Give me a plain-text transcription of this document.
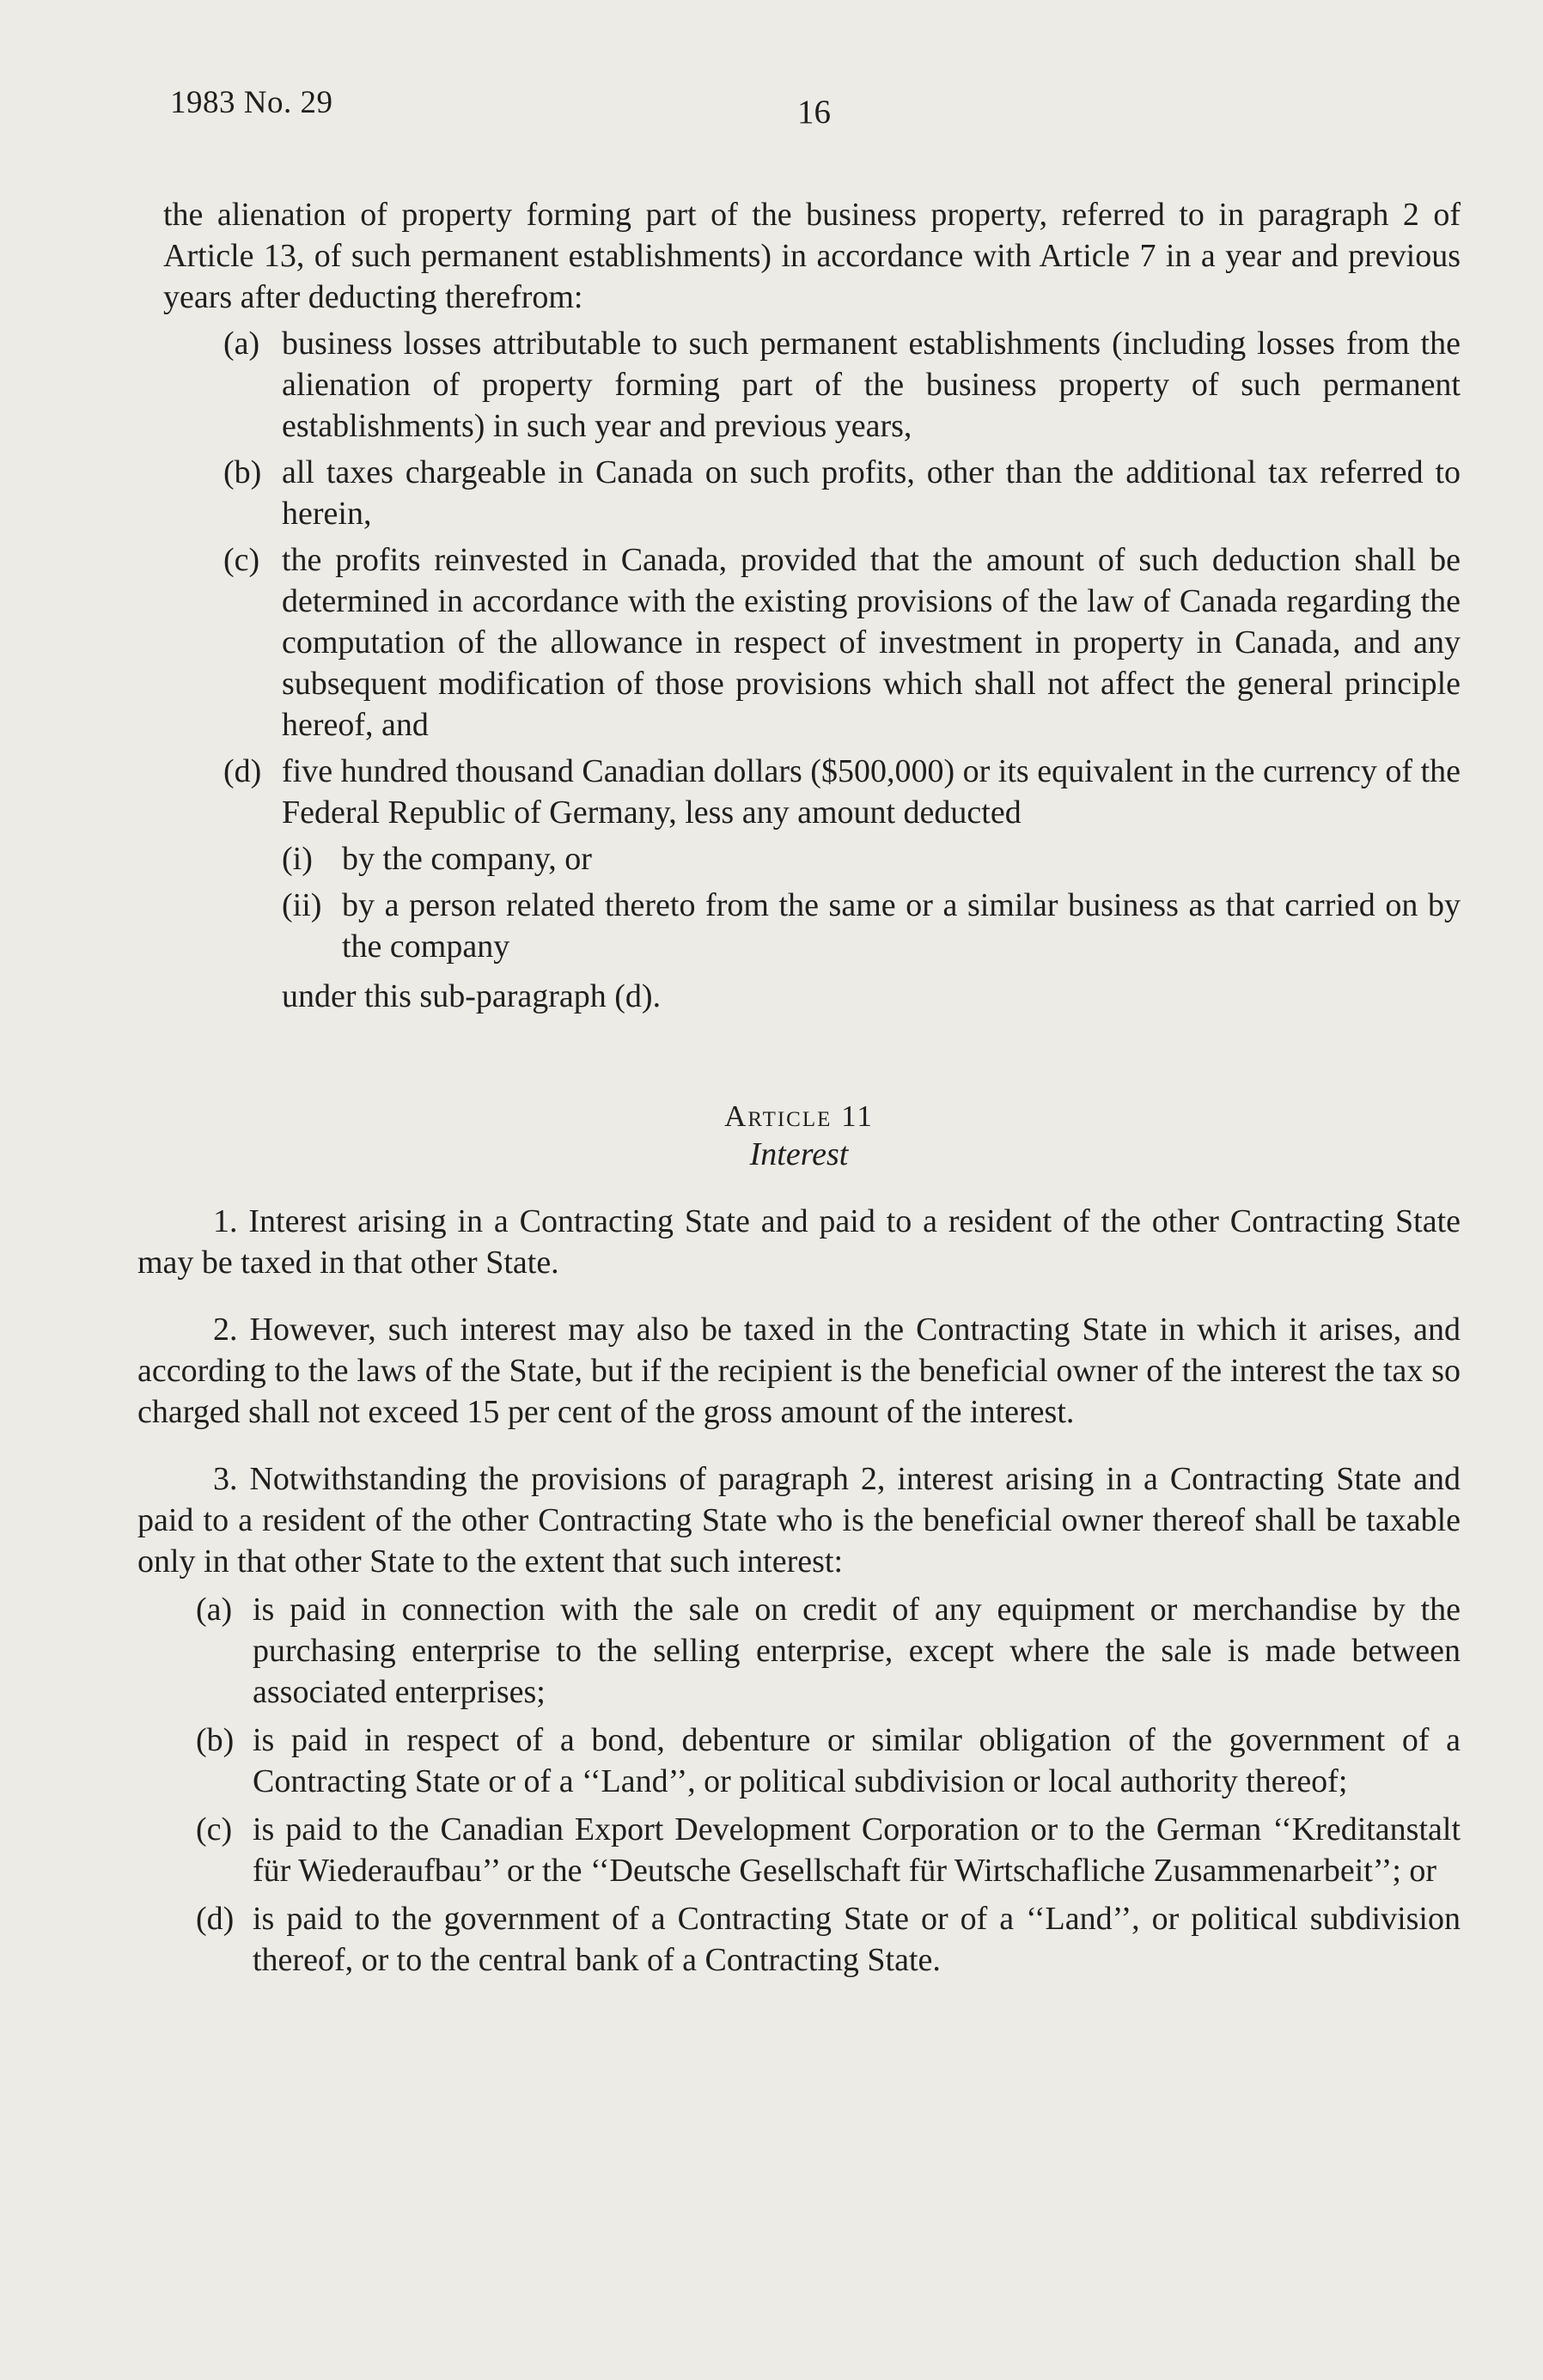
1983 No. 29	16

the alienation of property forming part of the business property, referred to in paragraph 2 of Article 13, of such permanent establishments) in accordance with Article 7 in a year and previous years after deducting therefrom:

(a) business losses attributable to such permanent establishments (including losses from the alienation of property forming part of the business property of such permanent establishments) in such year and previous years,
(b) all taxes chargeable in Canada on such profits, other than the additional tax referred to herein,
(c) the profits reinvested in Canada, provided that the amount of such deduction shall be determined in accordance with the existing provisions of the law of Canada regarding the computation of the allowance in respect of investment in property in Canada, and any subsequent modification of those provisions which shall not affect the general principle hereof, and
(d) five hundred thousand Canadian dollars ($500,000) or its equivalent in the currency of the Federal Republic of Germany, less any amount deducted
(i) by the company, or
(ii) by a person related thereto from the same or a similar business as that carried on by the company

under this sub-paragraph (d).

Article 11
Interest

1. Interest arising in a Contracting State and paid to a resident of the other Contracting State may be taxed in that other State.

2. However, such interest may also be taxed in the Contracting State in which it arises, and according to the laws of the State, but if the recipient is the beneficial owner of the interest the tax so charged shall not exceed 15 per cent of the gross amount of the interest.

3. Notwithstanding the provisions of paragraph 2, interest arising in a Contracting State and paid to a resident of the other Contracting State who is the beneficial owner thereof shall be taxable only in that other State to the extent that such interest:

(a) is paid in connection with the sale on credit of any equipment or merchandise by the purchasing enterprise to the selling enterprise, except where the sale is made between associated enterprises;
(b) is paid in respect of a bond, debenture or similar obligation of the government of a Contracting State or of a ‘‘Land’’, or political subdivision or local authority thereof;
(c) is paid to the Canadian Export Development Corporation or to the German ‘‘Kreditanstalt für Wiederaufbau’’ or the ‘‘Deutsche Gesellschaft für Wirtschafliche Zusammenarbeit’’; or
(d) is paid to the government of a Contracting State or of a ‘‘Land’’, or political subdivision thereof, or to the central bank of a Contracting State.
